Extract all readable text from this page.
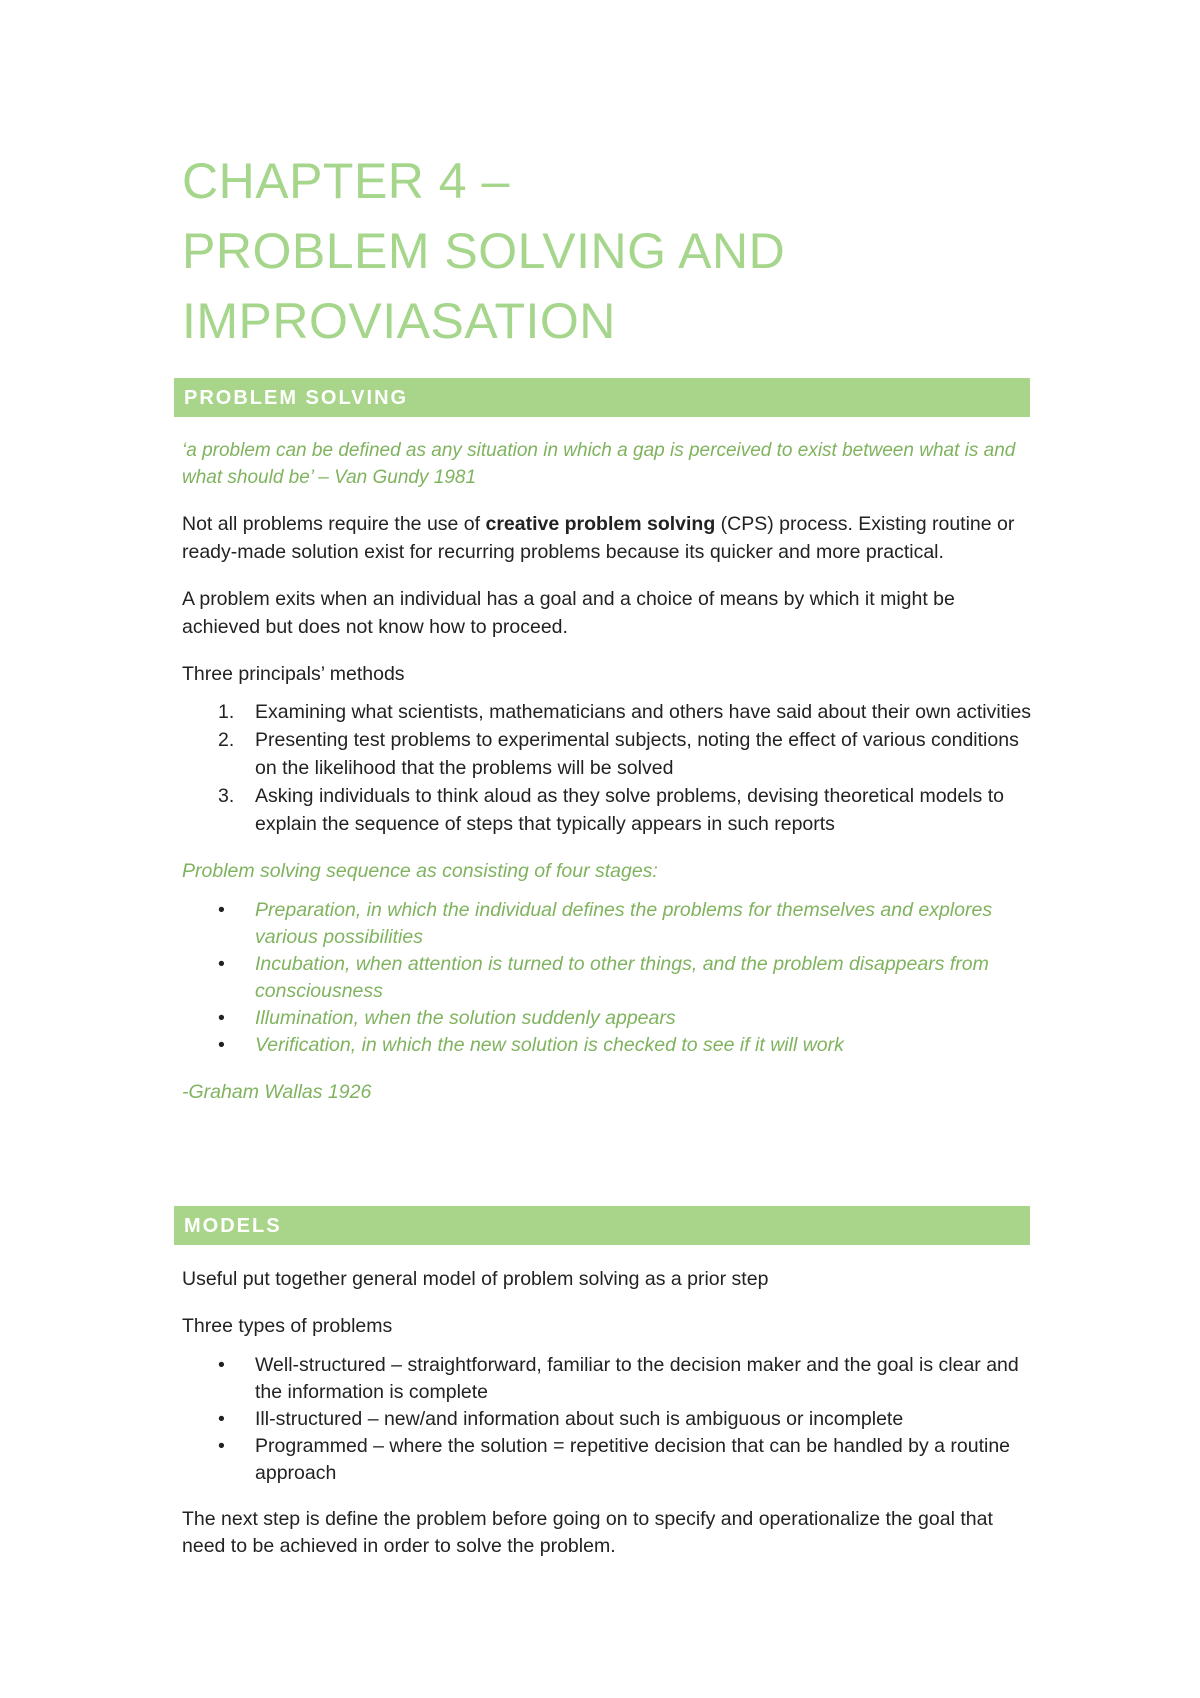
CHAPTER 4 –
PROBLEM SOLVING AND
IMPROVIASATION
PROBLEM SOLVING

‘a problem can be defined as any situation in which a gap is perceived to exist between what is and what should be’ – Van Gundy 1981

Not all problems require the use of creative problem solving (CPS) process. Existing routine or ready-made solution exist for recurring problems because its quicker and more practical.

A problem exits when an individual has a goal and a choice of means by which it might be achieved but does not know how to proceed.

Three principals’ methods

1. Examining what scientists, mathematicians and others have said about their own activities
2. Presenting test problems to experimental subjects, noting the effect of various conditions on the likelihood that the problems will be solved
3. Asking individuals to think aloud as they solve problems, devising theoretical models to explain the sequence of steps that typically appears in such reports

Problem solving sequence as consisting of four stages:

• Preparation, in which the individual defines the problems for themselves and explores various possibilities
• Incubation, when attention is turned to other things, and the problem disappears from consciousness
• Illumination, when the solution suddenly appears
• Verification, in which the new solution is checked to see if it will work

-Graham Wallas 1926

MODELS

Useful put together general model of problem solving as a prior step

Three types of problems

• Well-structured – straightforward, familiar to the decision maker and the goal is clear and the information is complete
• Ill-structured – new/and information about such is ambiguous or incomplete
• Programmed – where the solution = repetitive decision that can be handled by a routine approach

The next step is define the problem before going on to specify and operationalize the goal that need to be achieved in order to solve the problem.
